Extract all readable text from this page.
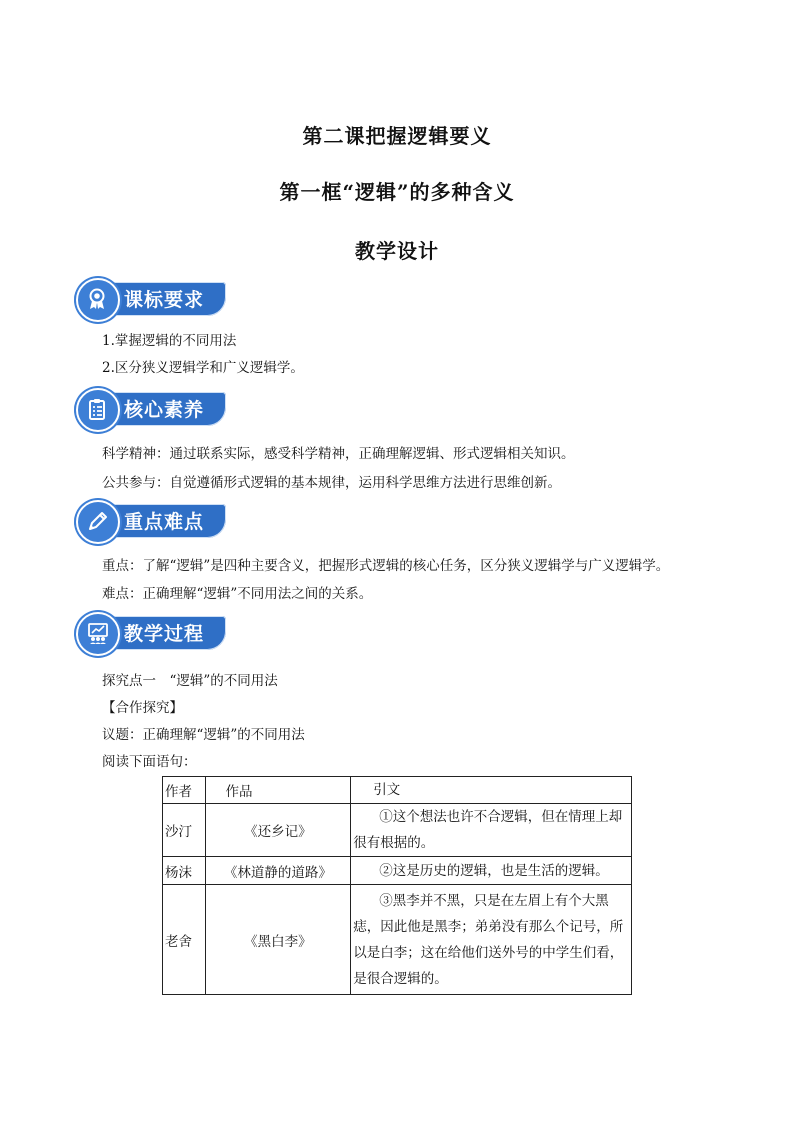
第二课把握逻辑要义
第一框“逻辑”的多种含义
教学设计
课标要求
1.掌握逻辑的不同用法
2.区分狭义逻辑学和广义逻辑学。
核心素养
科学精神：通过联系实际，感受科学精神，正确理解逻辑、形式逻辑相关知识。
公共参与：自觉遵循形式逻辑的基本规律，运用科学思维方法进行思维创新。
重点难点
重点：了解“逻辑”是四种主要含义，把握形式逻辑的核心任务，区分狭义逻辑学与广义逻辑学。
难点：正确理解“逻辑”不同用法之间的关系。
教学过程
探究点一　“逻辑”的不同用法
【合作探究】
议题：正确理解“逻辑”的不同用法
阅读下面语句：
作者	作品	引文
沙汀	《还乡记》	①这个想法也许不合逻辑，但在情理上却很有根据的。
杨沫	《林道静的道路》	②这是历史的逻辑，也是生活的逻辑。
老舍	《黑白李》	③黑李并不黑，只是在左眉上有个大黑痣，因此他是黑李；弟弟没有那么个记号，所以是白李；这在给他们送外号的中学生们看，是很合逻辑的。
